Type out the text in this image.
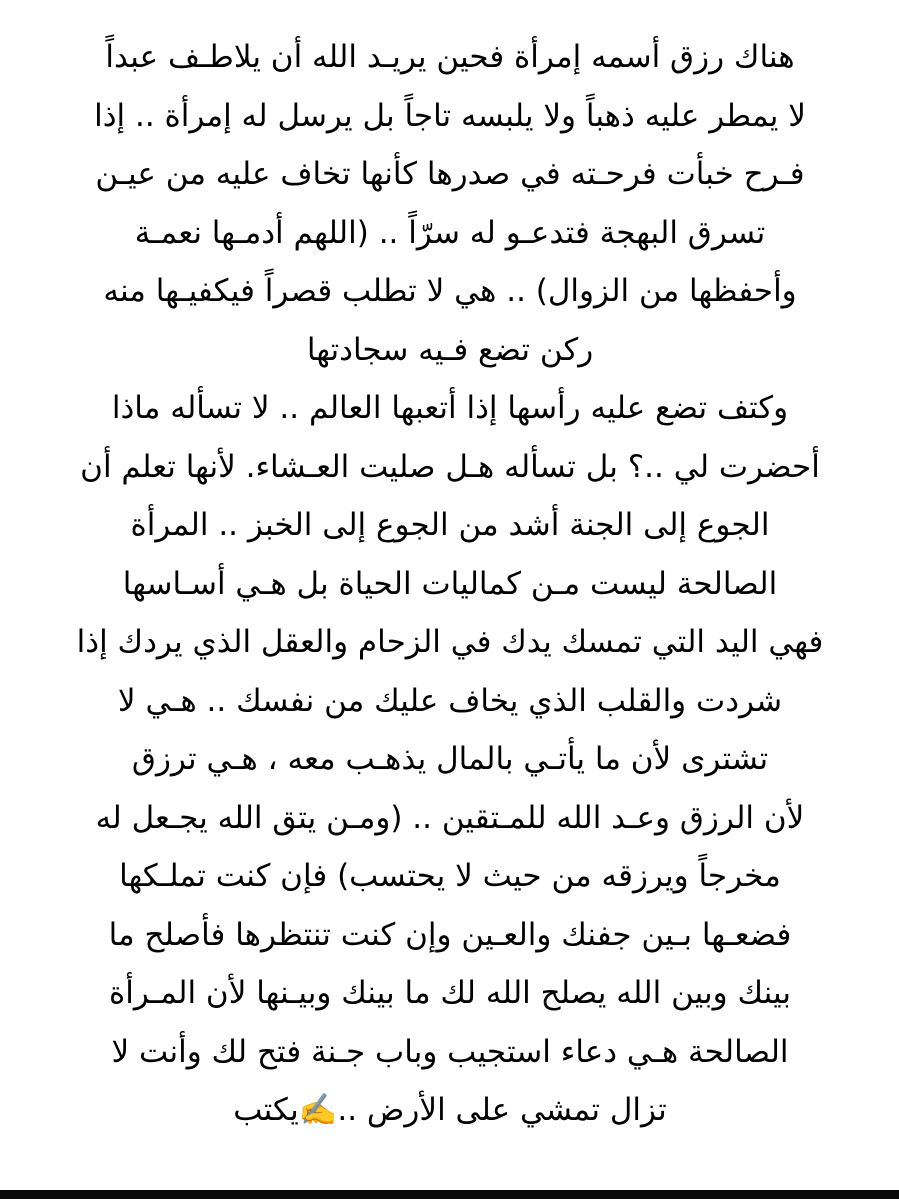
هناك رزق أسمه إمرأة فحين يريـد الله أن يلاطـف عبداً
لا يمطر عليه ذهباً ولا يلبسه تاجاً بل يرسل له إمرأة .. إذا
فـرح خبأت فرحـته في صدرها كأنها تخاف عليه من عيـن
تسرق البهجة فتدعـو له سرّاً .. (اللهم أدمـها نعمـة
وأحفظها من الزوال) .. هي لا تطلب قصراً فيكفيـها منه
ركن تضع فـيه سجادتها
وكتف تضع عليه رأسها إذا أتعبها العالم .. لا تسأله ماذا
أحضرت لي ..؟ بل تسأله هـل صليت العـشاء. لأنها تعلم أن
الجوع إلى الجنة أشد من الجوع إلى الخبز .. المرأة
الصالحة ليست مـن كماليات الحياة بل هـي أسـاسها
فهي اليد التي تمسك يدك في الزحام والعقل الذي يردك إذا
شردت والقلب الذي يخاف عليك من نفسك .. هـي لا
تشترى لأن ما يأتـي بالمال يذهـب معه ، هـي ترزق
لأن الرزق وعـد الله للمـتقين .. (ومـن يتق الله يجـعل له
مخرجاً ويرزقه من حيث لا يحتسب) فإن كنت تملـكها
فضعـها بـين جفنك والعـين وإن كنت تنتظرها فأصلح ما
بينك وبين الله يصلح الله لك ما بينك وبيـنها لأن المـرأة
الصالحة هـي دعاء استجيب وباب جـنة فتح لك وأنت لا
تزال تمشي على الأرض ..✍️يكتب
